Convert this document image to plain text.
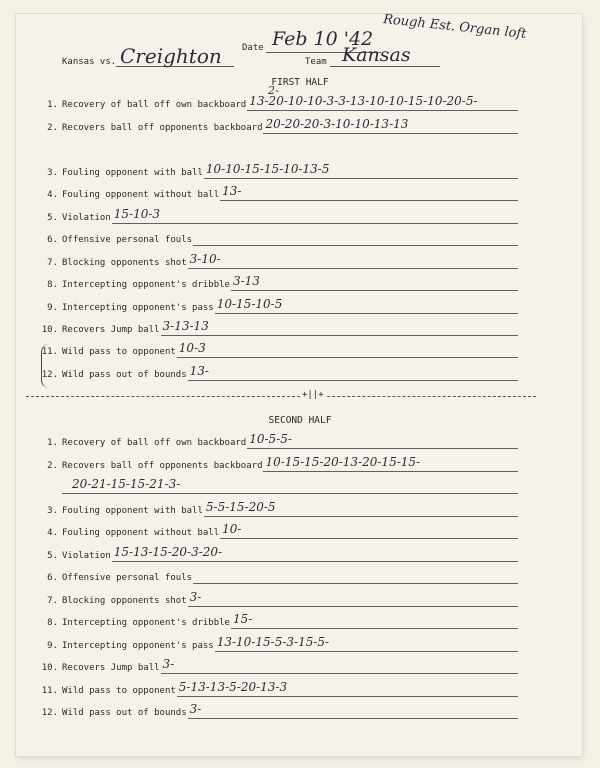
Rough Est. Organ loft
Date Feb 10 '42
Kansas vs. Creighton	Team Kansas
FIRST HALF
2-
1. Recovery of ball off own backboard 13-20-10-10-3-3-13-10-10-15-10-20-5-
2. Recovers ball off opponents backboard 20-20-20-3-10-10-13-13
3. Fouling opponent with ball 10-10-15-15-10-13-5
4. Fouling opponent without ball 13-
5. Violation 15-10-3
6. Offensive personal fouls
7. Blocking opponents shot 3-10-
8. Intercepting opponent's dribble 3-13
9. Intercepting opponent's pass 10-15-10-5
10. Recovers Jump ball 3-13-13
11. Wild pass to opponent 10-3
12. Wild pass out of bounds 13-
+||+
SECOND HALF
1. Recovery of ball off own backboard 10-5-5-
2. Recovers ball off opponents backboard 10-15-15-20-13-20-15-15-
20-21-15-15-21-3-
3. Fouling opponent with ball 5-5-15-20-5
4. Fouling opponent without ball 10-
5. Violation 15-13-15-20-3-20-
6. Offensive personal fouls
7. Blocking opponents shot 3-
8. Intercepting opponent's dribble 15-
9. Intercepting opponent's pass 13-10-15-5-3-15-5-
10. Recovers Jump ball 3-
11. Wild pass to opponent 5-13-13-5-20-13-3
12. Wild pass out of bounds 3-
